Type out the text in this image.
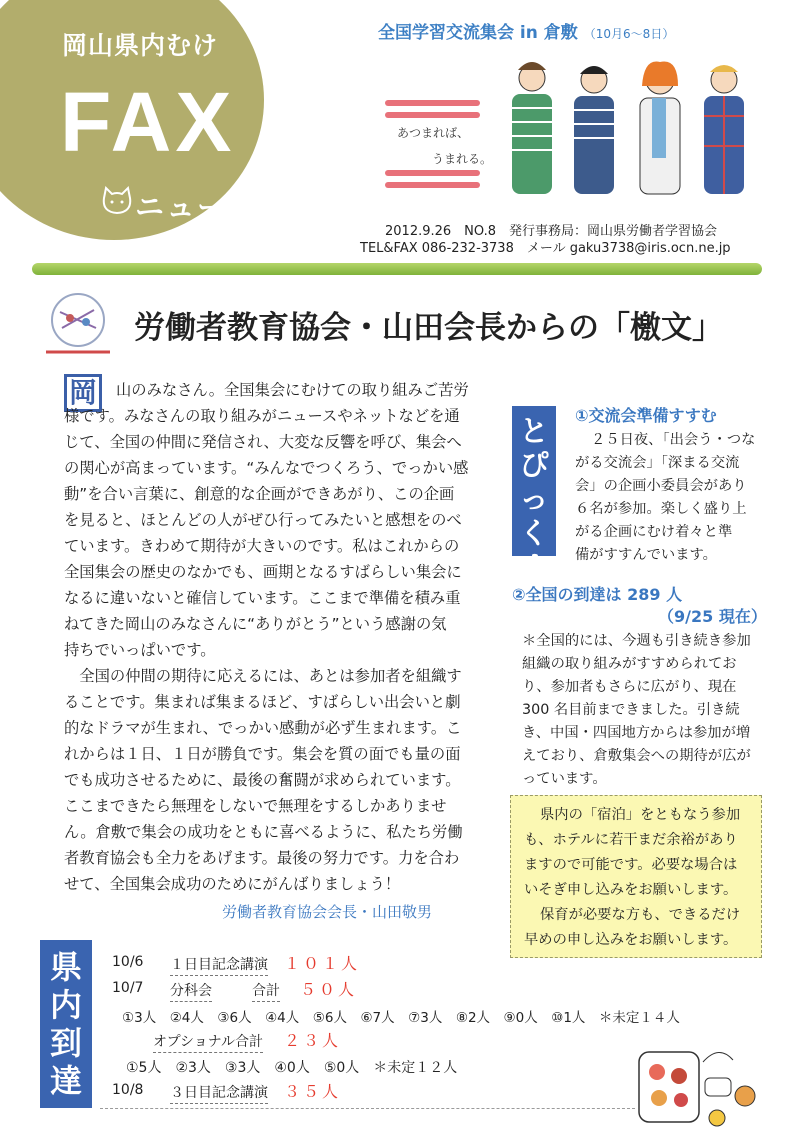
岡山県内むけ
FAX
ニュース
全国学習交流集会 in 倉敷 （10月6〜8日）
あつまれば、
うまれる。
2012.9.26　NO.8　発行事務局：岡山県労働者学習協会
TEL&FAX 086-232-3738　メール gaku3738@iris.ocn.ne.jp
労働者教育協会・山田会長からの「檄文」
岡	山のみなさん。全国集会にむけての取り組みご苦労
様です。みなさんの取り組みがニュースやネットなどを通
じて、全国の仲間に発信され、大変な反響を呼び、集会へ
の関心が高まっています。“みんなでつくろう、でっかい感
動”を合い言葉に、創意的な企画ができあがり、この企画
を見ると、ほとんどの人がぜひ行ってみたいと感想をのべ
ています。きわめて期待が大きいのです。私はこれからの
全国集会の歴史のなかでも、画期となるすばらしい集会に
なるに違いないと確信しています。ここまで準備を積み重
ねてきた岡山のみなさんに“ありがとう”という感謝の気
持ちでいっぱいです。
　全国の仲間の期待に応えるには、あとは参加者を組織す
ることです。集まれば集まるほど、すばらしい出会いと劇
的なドラマが生まれ、でっかい感動が必ず生まれます。こ
れからは１日、１日が勝負です。集会を質の面でも量の面
でも成功させるために、最後の奮闘が求められています。
ここまできたら無理をしないで無理をするしかありませ
ん。倉敷で集会の成功をともに喜べるように、私たち労働
者教育協会も全力をあげます。最後の努力です。力を合わ
せて、全国集会成功のためにがんばりましょう！
労働者教育協会会長・山田敬男
とぴっくす
①交流会準備すすむ
２５日夜、「出会う・つな
がる交流会」「深まる交流
会」の企画小委員会があり
６名が参加。楽しく盛り上
がる企画にむけ着々と準
備がすすんでいます。
②全国の到達は 289 人
（9/25 現在）
＊全国的には、今週も引き続き参加
組織の取り組みがすすめられてお
り、参加者もさらに広がり、現在
300 名目前まできました。引き続
き、中国・四国地方からは参加が増
えており、倉敷集会への期待が広が
っています。
県内の「宿泊」をともなう参加
も、ホテルに若干まだ余裕があり
ますので可能です。必要な場合は
いそぎ申し込みをお願いします。
保育が必要な方も、できるだけ
早めの申し込みをお願いします。
県内到達
10/6 １日目記念講演 １０１人
10/7 分科会	合計 ５０人
①3人　②4人　③6人　④4人　⑤6人　⑥7人　⑦3人　⑧2人　⑨0人　⑩1人　＊未定１４人
オプショナル合計 ２３人
①5人　②3人　③3人　④0人　⑤0人　＊未定１２人
10/8 ３日目記念講演 ３５人
